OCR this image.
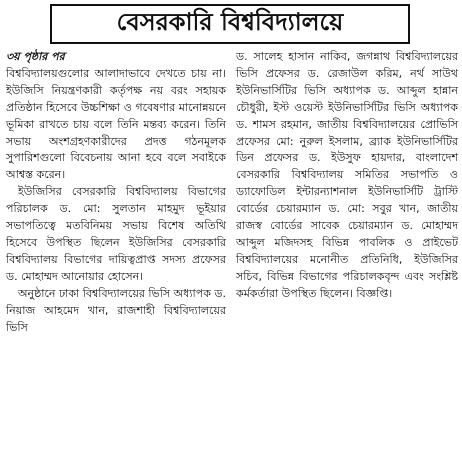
বেসরকারি বিশ্ববিদ্যালয়ে
৩য় পৃষ্ঠার পর

বিশ্ববিদ্যালয়গুলোর আলাদাভাবে দেখতে চায় না। ইউজিসি নিয়ন্ত্রণকারী কর্তৃপক্ষ নয় বরং সহায়ক প্রতিষ্ঠান হিসেবে উচ্চশিক্ষা ও গবেষণার মানোন্নয়নে ভূমিকা রাখতে চায় বলে তিনি মন্তব্য করেন। তিনি সভায় অংশগ্রহণকারীদের প্রদত্ত গঠনমূলক সুপারিশগুলো বিবেচনায় আনা হবে বলে সবাইকে আশ্বস্ত করেন।

ইউজিসির বেসরকারি বিশ্ববিদ্যালয় বিভাগের পরিচালক ড. মো: সুলতান মাহমুদ ভূইয়ার সভাপতিত্বে মতবিনিময় সভায় বিশেষ অতিথি হিসেবে উপস্থিত ছিলেন ইউজিসির বেসরকারি বিশ্ববিদ্যালয় বিভাগের দায়িত্বপ্রাপ্ত সদস্য প্রফেসর ড. মোহাম্মদ আনোয়ার হোসেন।

অনুষ্ঠানে ঢাকা বিশ্ববিদ্যালয়ের ভিসি অধ্যাপক ড. নিয়াজ আহমেদ খান, রাজশাহী বিশ্ববিদ্যালয়ের ভিসি

ড. সালেহ হাসান নাকিব, জগন্নাথ বিশ্ববিদ্যালয়ের ভিসি প্রফেসর ড. রেজাউল করিম, নর্থ সাউথ ইউনিভার্সিটির ভিসি অধ্যাপক ড. আব্দুল হান্নান চৌধুরী, ইস্ট ওয়েস্ট ইউনিভার্সিটির ভিসি অধ্যাপক ড. শামস রহমান, জাতীয় বিশ্ববিদ্যালয়ের প্রোভিসি প্রফেসর মো: নুরুল ইসলাম, ব্র্যাক ইউনিভার্সিটির ডিন প্রফেসর ড. ইউসুফ হায়দার, বাংলাদেশ বেসরকারি বিশ্ববিদ্যালয় সমিতির সভাপতি ও ড্যাফোডিল ইন্টারন্যাশনাল ইউনিভার্সিটি ট্রাস্টি বোর্ডের চেয়ারম্যান ড. মো: সবুর খান, জাতীয় রাজস্ব বোর্ডের সাবেক চেয়ারম্যান ড. মোহাম্মদ আব্দুল মজিদসহ বিভিন্ন পাবলিক ও প্রাইভেট বিশ্ববিদ্যালয়ের মনোনীত প্রতিনিধি, ইউজিসির সচিব, বিভিন্ন বিভাগের পরিচালকবৃন্দ এবং সংশ্লিষ্ট কর্মকর্তারা উপস্থিত ছিলেন। বিজ্ঞপ্তি।
